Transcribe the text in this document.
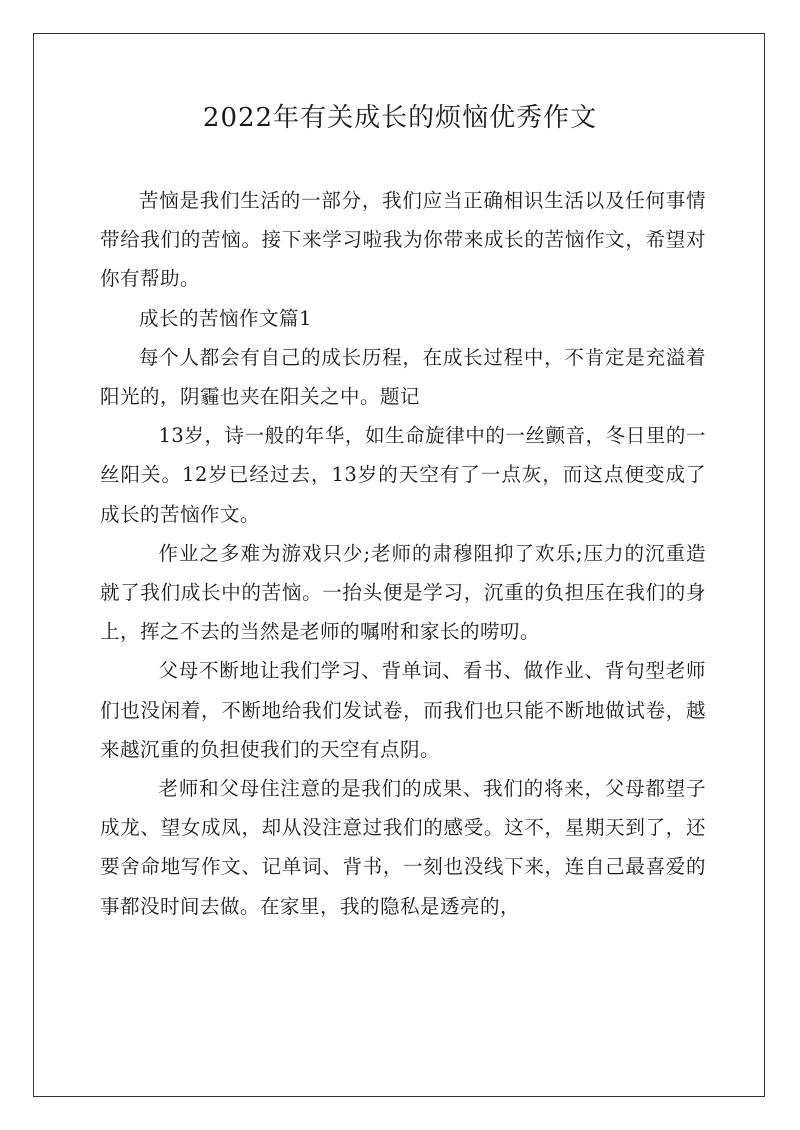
2022年有关成长的烦恼优秀作文

苦恼是我们生活的一部分，我们应当正确相识生活以及任何事情带给我们的苦恼。接下来学习啦我为你带来成长的苦恼作文，希望对你有帮助。

成长的苦恼作文篇1

每个人都会有自己的成长历程，在成长过程中，不肯定是充溢着阳光的，阴霾也夹在阳关之中。题记

13岁，诗一般的年华，如生命旋律中的一丝颤音，冬日里的一丝阳关。12岁已经过去，13岁的天空有了一点灰，而这点便变成了成长的苦恼作文。

作业之多难为游戏只少;老师的肃穆阻抑了欢乐;压力的沉重造就了我们成长中的苦恼。一抬头便是学习，沉重的负担压在我们的身上，挥之不去的当然是老师的嘱咐和家长的唠叨。

父母不断地让我们学习、背单词、看书、做作业、背句型老师们也没闲着，不断地给我们发试卷，而我们也只能不断地做试卷，越来越沉重的负担使我们的天空有点阴。

老师和父母住注意的是我们的成果、我们的将来，父母都望子成龙、望女成凤，却从没注意过我们的感受。这不，星期天到了，还要舍命地写作文、记单词、背书，一刻也没线下来，连自己最喜爱的事都没时间去做。在家里，我的隐私是透亮的，
